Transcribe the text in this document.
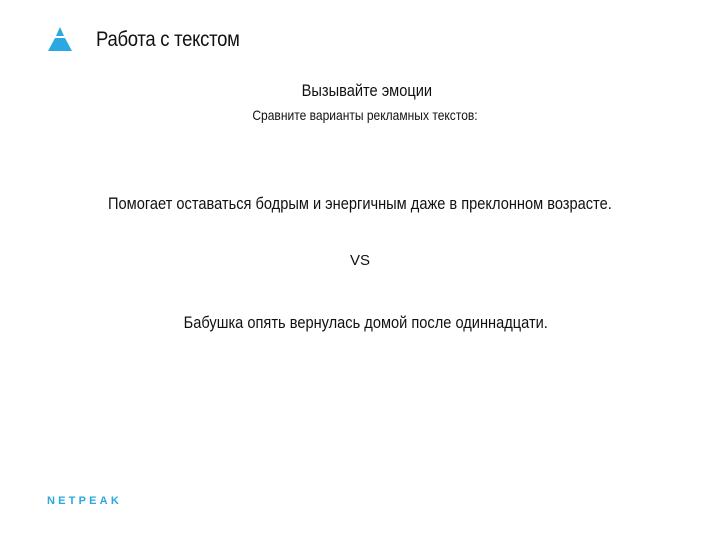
Работа с текстом
Вызывайте эмоции
Сравните варианты рекламных текстов:
Помогает оставаться бодрым и энергичным даже в преклонном возрасте.
VS
Бабушка опять вернулась домой после одиннадцати.
NETPEAK
